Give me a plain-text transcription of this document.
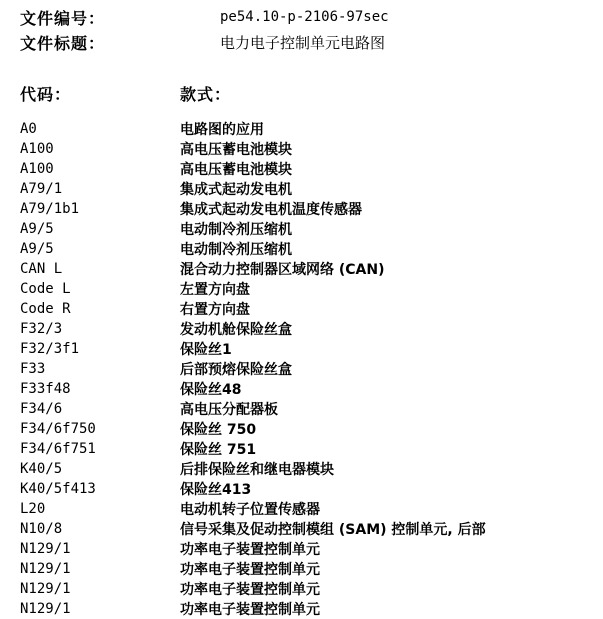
文件编号：	pe54.10-p-2106-97sec
文件标题：	电力电子控制单元电路图
代码：	款式：
A0	电路图的应用
A100	高电压蓄电池模块
A100	高电压蓄电池模块
A79/1	集成式起动发电机
A79/1b1	集成式起动发电机温度传感器
A9/5	电动制冷剂压缩机
A9/5	电动制冷剂压缩机
CAN L	混合动力控制器区域网络 (CAN)
Code L	左置方向盘
Code R	右置方向盘
F32/3	发动机舱保险丝盒
F32/3f1	保险丝1
F33	后部预熔保险丝盒
F33f48	保险丝48
F34/6	高电压分配器板
F34/6f750	保险丝 750
F34/6f751	保险丝 751
K40/5	后排保险丝和继电器模块
K40/5f413	保险丝413
L20	电动机转子位置传感器
N10/8	信号采集及促动控制模组 (SAM) 控制单元, 后部
N129/1	功率电子装置控制单元
N129/1	功率电子装置控制单元
N129/1	功率电子装置控制单元
N129/1	功率电子装置控制单元
